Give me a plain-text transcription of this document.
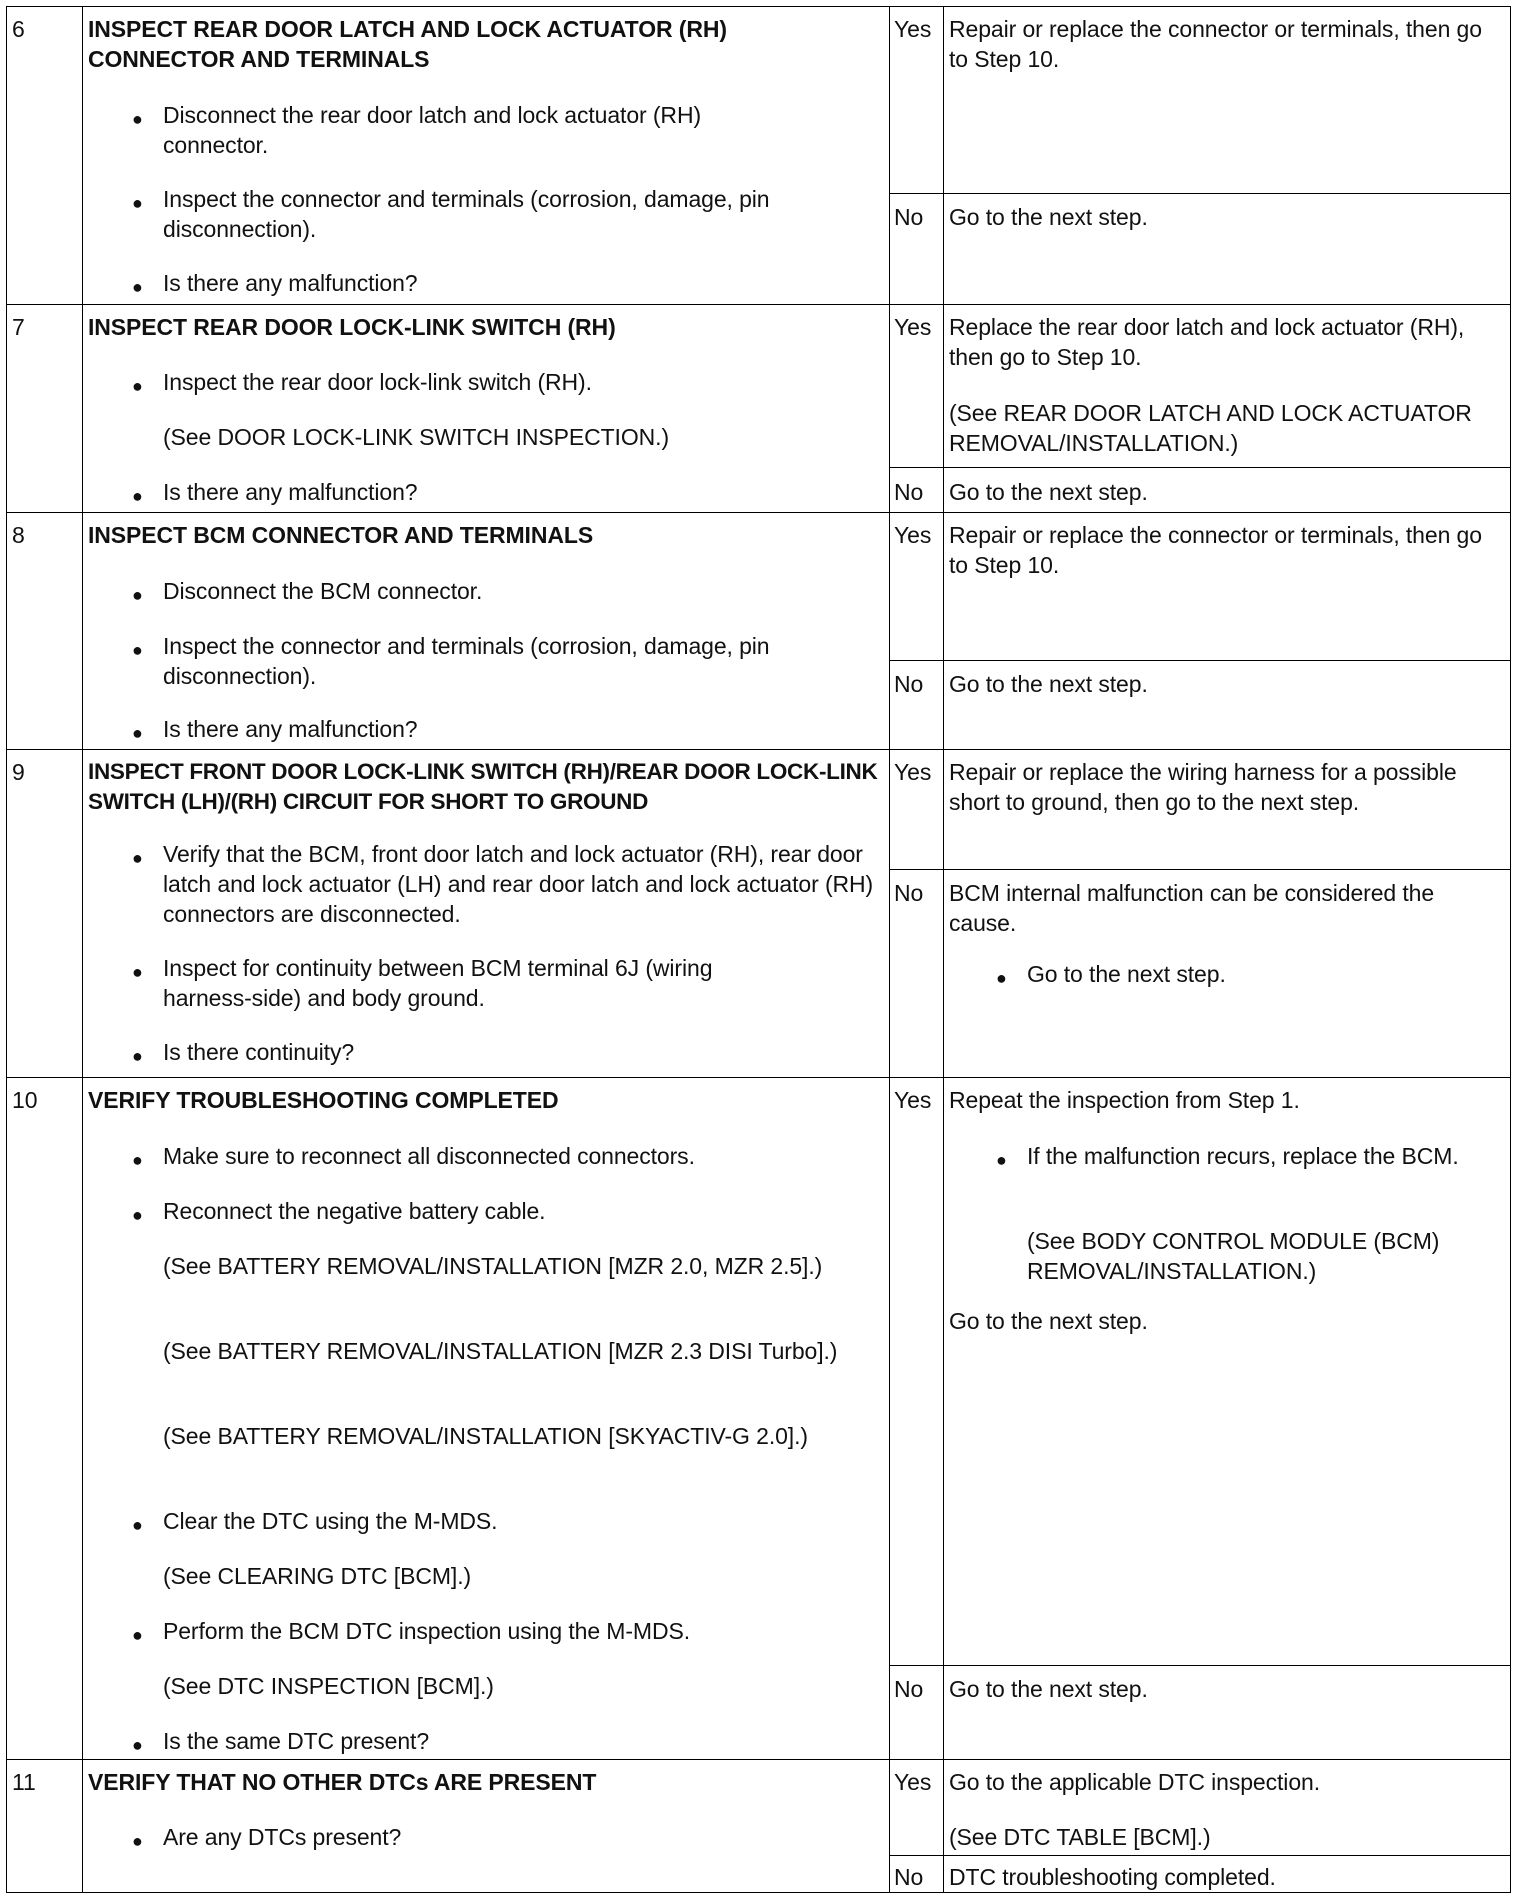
6	INSPECT REAR DOOR LATCH AND LOCK ACTUATOR (RH) CONNECTOR AND TERMINALS
● Disconnect the rear door latch and lock actuator (RH) connector.
● Inspect the connector and terminals (corrosion, damage, pin disconnection).
● Is there any malfunction?
Yes Repair or replace the connector or terminals, then go to Step 10.
No Go to the next step.
7	INSPECT REAR DOOR LOCK-LINK SWITCH (RH)
● Inspect the rear door lock-link switch (RH).
(See DOOR LOCK-LINK SWITCH INSPECTION.)
● Is there any malfunction?
Yes Replace the rear door latch and lock actuator (RH), then go to Step 10.
(See REAR DOOR LATCH AND LOCK ACTUATOR REMOVAL/INSTALLATION.)
No Go to the next step.
8	INSPECT BCM CONNECTOR AND TERMINALS
● Disconnect the BCM connector.
● Inspect the connector and terminals (corrosion, damage, pin disconnection).
● Is there any malfunction?
Yes Repair or replace the connector or terminals, then go to Step 10.
No Go to the next step.
9	INSPECT FRONT DOOR LOCK-LINK SWITCH (RH)/REAR DOOR LOCK-LINK SWITCH (LH)/(RH) CIRCUIT FOR SHORT TO GROUND
● Verify that the BCM, front door latch and lock actuator (RH), rear door latch and lock actuator (LH) and rear door latch and lock actuator (RH) connectors are disconnected.
● Inspect for continuity between BCM terminal 6J (wiring harness-side) and body ground.
● Is there continuity?
Yes Repair or replace the wiring harness for a possible short to ground, then go to the next step.
No BCM internal malfunction can be considered the cause.
● Go to the next step.
10 VERIFY TROUBLESHOOTING COMPLETED
● Make sure to reconnect all disconnected connectors.
● Reconnect the negative battery cable.
(See BATTERY REMOVAL/INSTALLATION [MZR 2.0, MZR 2.5].)
(See BATTERY REMOVAL/INSTALLATION [MZR 2.3 DISI Turbo].)
(See BATTERY REMOVAL/INSTALLATION [SKYACTIV-G 2.0].)
● Clear the DTC using the M-MDS.
(See CLEARING DTC [BCM].)
● Perform the BCM DTC inspection using the M-MDS.
(See DTC INSPECTION [BCM].)
● Is the same DTC present?
Yes Repeat the inspection from Step 1.
● If the malfunction recurs, replace the BCM.
(See BODY CONTROL MODULE (BCM) REMOVAL/INSTALLATION.)
Go to the next step.
No Go to the next step.
11 VERIFY THAT NO OTHER DTCs ARE PRESENT
● Are any DTCs present?
Yes Go to the applicable DTC inspection.
(See DTC TABLE [BCM].)
No DTC troubleshooting completed.
